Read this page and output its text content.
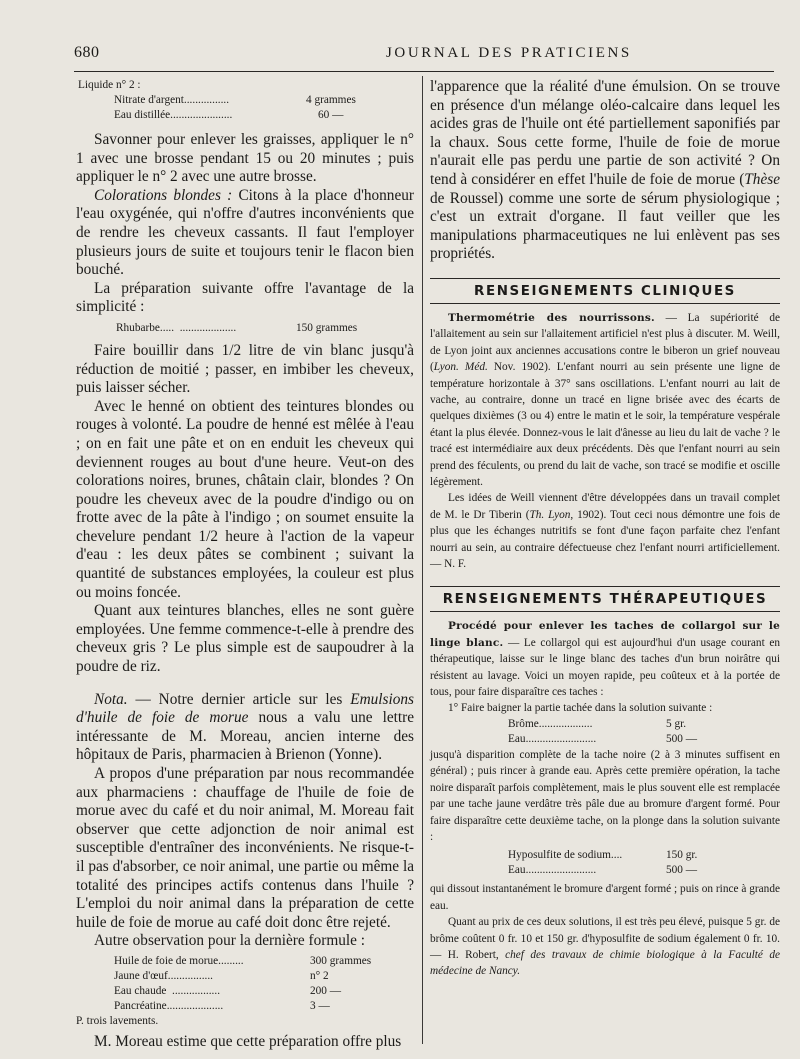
680	JOURNAL DES PRATICIENS
Liquide n° 2 :
Nitrate d'argent................	4 grammes
Eau distillée......................	60 —

Savonner pour enlever les graisses, appliquer le n° 1 avec une brosse pendant 15 ou 20 minutes ; puis appliquer le n° 2 avec une autre brosse.

Colorations blondes : Citons à la place d'honneur l'eau oxygénée, qui n'offre d'autres inconvénients que de rendre les cheveux cassants. Il faut l'employer plusieurs jours de suite et toujours tenir le flacon bien bouché.

La préparation suivante offre l'avantage de la simplicité :

Rhubarbe.....  ....................	150 grammes

Faire bouillir dans 1/2 litre de vin blanc jusqu'à réduction de moitié ; passer, en imbiber les cheveux, puis laisser sécher.

Avec le henné on obtient des teintures blondes ou rouges à volonté. La poudre de henné est mêlée à l'eau ; on en fait une pâte et on en enduit les cheveux qui deviennent rouges au bout d'une heure. Veut-on des colorations noires, brunes, châtain clair, blondes ? On poudre les cheveux avec de la poudre d'indigo ou on frotte avec de la pâte à l'indigo ; on soumet ensuite la chevelure pendant 1/2 heure à l'action de la vapeur d'eau : les deux pâtes se combinent ; suivant la quantité de substances employées, la couleur est plus ou moins foncée.

Quant aux teintures blanches, elles ne sont guère employées. Une femme commence-t-elle à prendre des cheveux gris ? Le plus simple est de saupoudrer à la poudre de riz.

Nota. — Notre dernier article sur les Emulsions d'huile de foie de morue nous a valu une lettre intéressante de M. Moreau, ancien interne des hôpitaux de Paris, pharmacien à Brienon (Yonne).

A propos d'une préparation par nous recommandée aux pharmaciens : chauffage de l'huile de foie de morue avec du café et du noir animal, M. Moreau fait observer que cette adjonction de noir animal est susceptible d'entraîner des inconvénients. Ne risque-t-il pas d'absorber, ce noir animal, une partie ou même la totalité des principes actifs contenus dans l'huile ? L'emploi du noir animal dans la préparation de cette huile de foie de morue au café doit donc être rejeté.

Autre observation pour la dernière formule :

Huile de foie de morue.........	300 grammes
Jaune d'œuf................	n° 2
Eau chaude  .................	200 —
Pancréatine....................	3 —
P. trois lavements.

M. Moreau estime que cette préparation offre plus

l'apparence que la réalité d'une émulsion. On se trouve en présence d'un mélange oléo-calcaire dans lequel les acides gras de l'huile ont été partiellement saponifiés par la chaux. Sous cette forme, l'huile de foie de morue n'aurait elle pas perdu une partie de son activité ? On tend à considérer en effet l'huile de foie de morue (Thèse de Roussel) comme une sorte de sérum physiologique ; c'est un extrait d'organe. Il faut veiller que les manipulations pharmaceutiques ne lui enlèvent pas ses propriétés.

RENSEIGNEMENTS CLINIQUES

Thermométrie des nourrissons. — La supériorité de l'allaitement au sein sur l'allaitement artificiel n'est plus à discuter. M. Weill, de Lyon joint aux anciennes accusations contre le biberon un grief nouveau (Lyon. Méd. Nov. 1902). L'enfant nourri au sein présente une ligne de température horizontale à 37° sans oscillations. L'enfant nourri au lait de vache, au contraire, donne un tracé en ligne brisée avec des écarts de quelques dixièmes (3 ou 4) entre le matin et le soir, la température vespérale étant la plus élevée. Donnez-vous le lait d'ânesse au lieu du lait de vache ? le tracé est intermédiaire aux deux précédents. Dès que l'enfant nourri au sein prend des féculents, ou prend du lait de vache, son tracé se modifie et oscille légèrement.

Les idées de Weill viennent d'être développées dans un travail complet de M. le Dr Tiberin (Th. Lyon, 1902). Tout ceci nous démontre une fois de plus que les échanges nutritifs se font d'une façon parfaite chez l'enfant nourri au sein, au contraire défectueuse chez l'enfant nourri artificiellement. — N. F.

RENSEIGNEMENTS THÉRAPEUTIQUES

Procédé pour enlever les taches de collargol sur le linge blanc. — Le collargol qui est aujourd'hui d'un usage courant en thérapeutique, laisse sur le linge blanc des taches d'un brun noirâtre qui résistent au lavage. Voici un moyen rapide, peu coûteux et à la portée de tous, pour faire disparaître ces taches :

1° Faire baigner la partie tachée dans la solution suivante :

Brôme...................	5 gr.
Eau.........................	500 —

jusqu'à disparition complète de la tache noire (2 à 3 minutes suffisent en général) ; puis rincer à grande eau. Après cette première opération, la tache noire disparaît parfois complètement, mais le plus souvent elle est remplacée par une tache jaune verdâtre très pâle due au bromure d'argent formé. Pour faire disparaître cette deuxième tache, on la plonge dans la solution suivante :

Hyposulfite de sodium....	150 gr.
Eau.........................	500 —

qui dissout instantanément le bromure d'argent formé ; puis on rince à grande eau.

Quant au prix de ces deux solutions, il est très peu élevé, puisque 5 gr. de brôme coûtent 0 fr. 10 et 150 gr. d'hyposulfite de sodium également 0 fr. 10. — H. Robert, chef des travaux de chimie biologique à la Faculté de médecine de Nancy.
